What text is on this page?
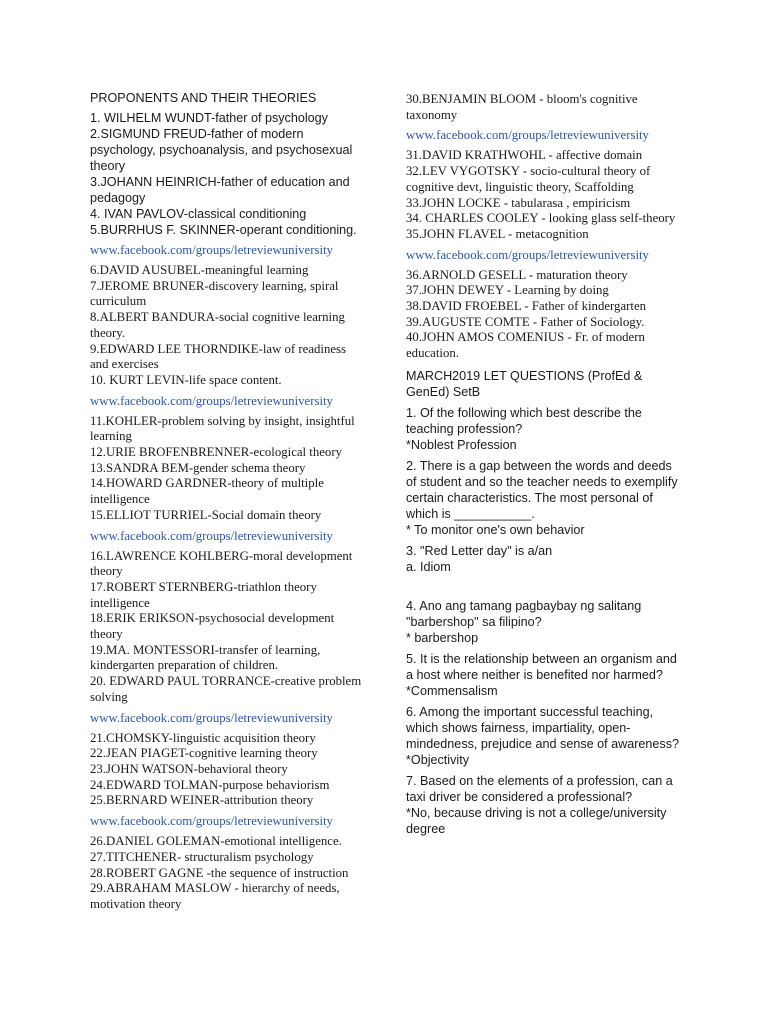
PROPONENTS AND THEIR THEORIES

1. WILHELM WUNDT-father of psychology

2.SIGMUND FREUD-father of modern psychology, psychoanalysis, and psychosexual theory

3.JOHANN HEINRICH-father of education and pedagogy

4. IVAN PAVLOV-classical conditioning

5.BURRHUS F. SKINNER-operant conditioning.

www.facebook.com/groups/letreviewuniversity

6.DAVID AUSUBEL-meaningful learning

7.JEROME BRUNER-discovery learning, spiral curriculum

8.ALBERT BANDURA-social cognitive learning theory.

9.EDWARD LEE THORNDIKE-law of readiness and exercises

10. KURT LEVIN-life space content.

www.facebook.com/groups/letreviewuniversity

11.KOHLER-problem solving by insight, insightful learning

12.URIE BROFENBRENNER-ecological theory

13.SANDRA BEM-gender schema theory

14.HOWARD GARDNER-theory of multiple intelligence

15.ELLIOT TURRIEL-Social domain theory

www.facebook.com/groups/letreviewuniversity

16.LAWRENCE KOHLBERG-moral development theory

17.ROBERT STERNBERG-triathlon theory intelligence

18.ERIK ERIKSON-psychosocial development theory

19.MA. MONTESSORI-transfer of learning, kindergarten preparation of children.

20. EDWARD PAUL TORRANCE-creative problem solving

www.facebook.com/groups/letreviewuniversity

21.CHOMSKY-linguistic acquisition theory

22.JEAN PIAGET-cognitive learning theory

23.JOHN WATSON-behavioral theory

24.EDWARD TOLMAN-purpose behaviorism

25.BERNARD WEINER-attribution theory

www.facebook.com/groups/letreviewuniversity

26.DANIEL GOLEMAN-emotional intelligence.

27.TITCHENER- structuralism psychology

28.ROBERT GAGNE -the sequence of instruction

29.ABRAHAM MASLOW - hierarchy of needs, motivation theory

30.BENJAMIN BLOOM - bloom's cognitive taxonomy

www.facebook.com/groups/letreviewuniversity

31.DAVID KRATHWOHL - affective domain

32.LEV VYGOTSKY - socio-cultural theory of cognitive devt, linguistic theory, Scaffolding

33.JOHN LOCKE - tabularasa , empiricism

34. CHARLES COOLEY - looking glass self-theory

35.JOHN FLAVEL - metacognition

www.facebook.com/groups/letreviewuniversity

36.ARNOLD GESELL - maturation theory

37.JOHN DEWEY - Learning by doing

38.DAVID FROEBEL - Father of kindergarten

39.AUGUSTE COMTE - Father of Sociology.

40.JOHN AMOS COMENIUS - Fr. of modern education.

MARCH2019 LET QUESTIONS (ProfEd & GenEd) SetB

1. Of the following which best describe the teaching profession?

*Noblest Profession

2. There is a gap between the words and deeds of student and so the teacher needs to exemplify certain characteristics. The most personal of which is ___________.

* To monitor one's own behavior

3. "Red Letter day" is a/an

a. Idiom

4. Ano ang tamang pagbaybay ng salitang "barbershop" sa filipino?

* barbershop

5. It is the relationship between an organism and a host where neither is benefited nor harmed?

*Commensalism

6. Among the important successful teaching, which shows fairness, impartiality, open-mindedness, prejudice and sense of awareness?

*Objectivity

7. Based on the elements of a profession, can a taxi driver be considered a professional?

*No, because driving is not a college/university degree
